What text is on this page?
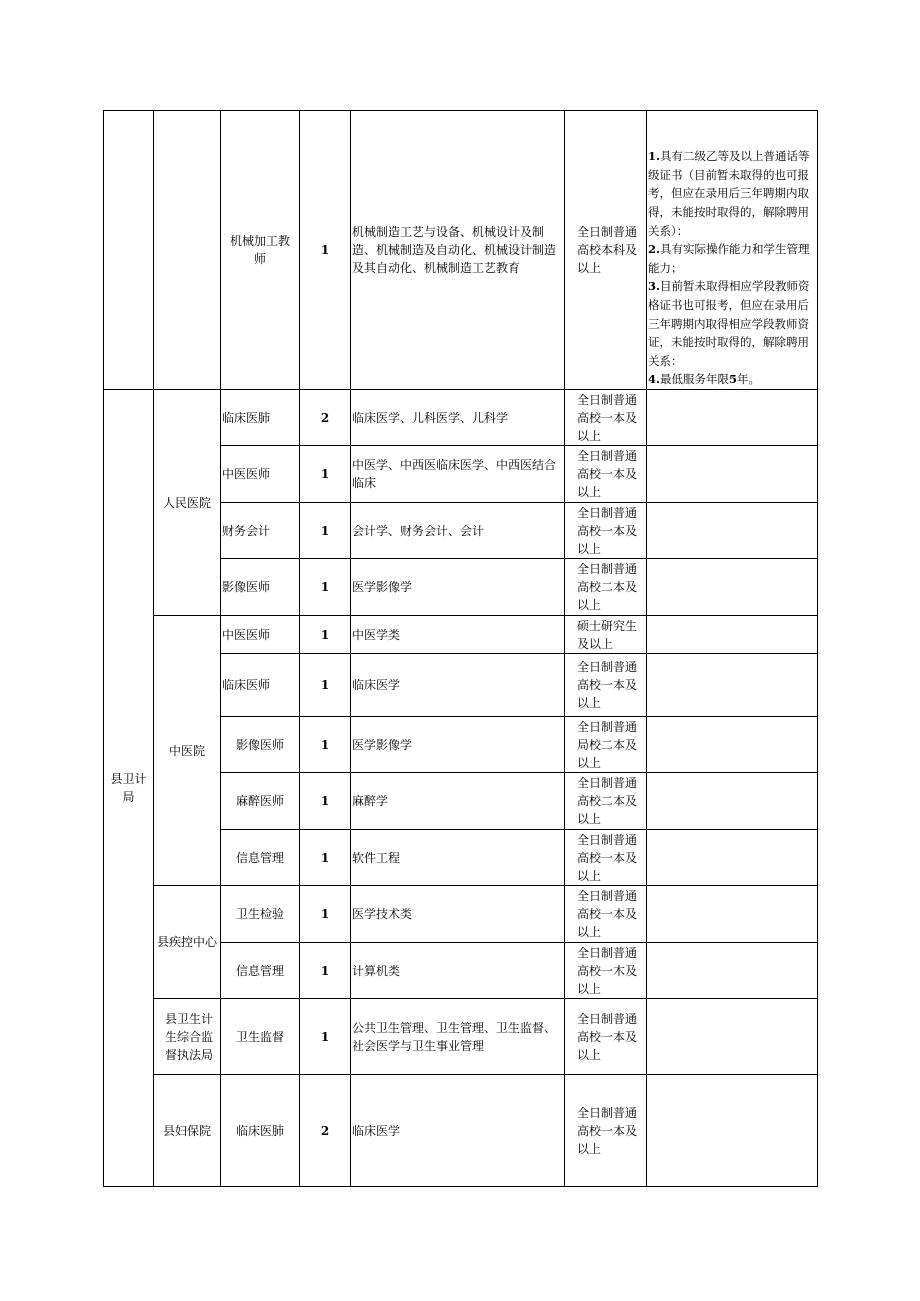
		机械加工教师	1	机械制造工艺与设备、机械设计及制造、机械制造及自动化、机械设计制造及其自动化、机械制造工艺教育	全日制普通高校本科及以上	1.具有二级乙等及以上普通话等级证书（目前暂未取得的也可报考，但应在录用后三年聘期内取得，未能按时取得的，解除聘用关系）：
2.具有实际操作能力和学生管理能力；
3.目前暂未取得相应学段教师资格证书也可报考，但应在录用后三年聘期内取得相应学段教师资证，未能按时取得的，解除聘用关系：
4.最低服务年限5年。

县卫计局	人民医院	临床医肺	2	临床医学、儿科医学、儿科学	全日制普通高校一本及以上	
		中医医师	1	中医学、中西医临床医学、中西医结合临床	全日制普通高校一本及以上	
		财务会计	1	会计学、财务会计、会计	全日制普通高校一本及以上	
		影像医师	1	医学影像学	全日制普通高校二本及以上	
	中医院	中医医师	1	中医学类	硕士研究生及以上	
		临床医师	1	临床医学	全日制普通高校一本及以上	
		影像医师	1	医学影像学	全日制普通局校二本及以上	
		麻醉医师	1	麻醉学	全日制普通高校二本及以上	
		信息管理	1	软件工程	全日制普通高校一本及以上	
	县疾控中心	卫生检验	1	医学技术类	全日制普通高校一本及以上	
		信息管理	1	计算机类	全日制普通高校一木及以上	
	县卫生计生综合监督执法局	卫生监督	1	公共卫生管理、卫生管理、卫生监督、社会医学与卫生事业管理	全日制普通高校一本及以上	
	县妇保院	临床医肺	2	临床医学	全日制普通高校一本及以上	
